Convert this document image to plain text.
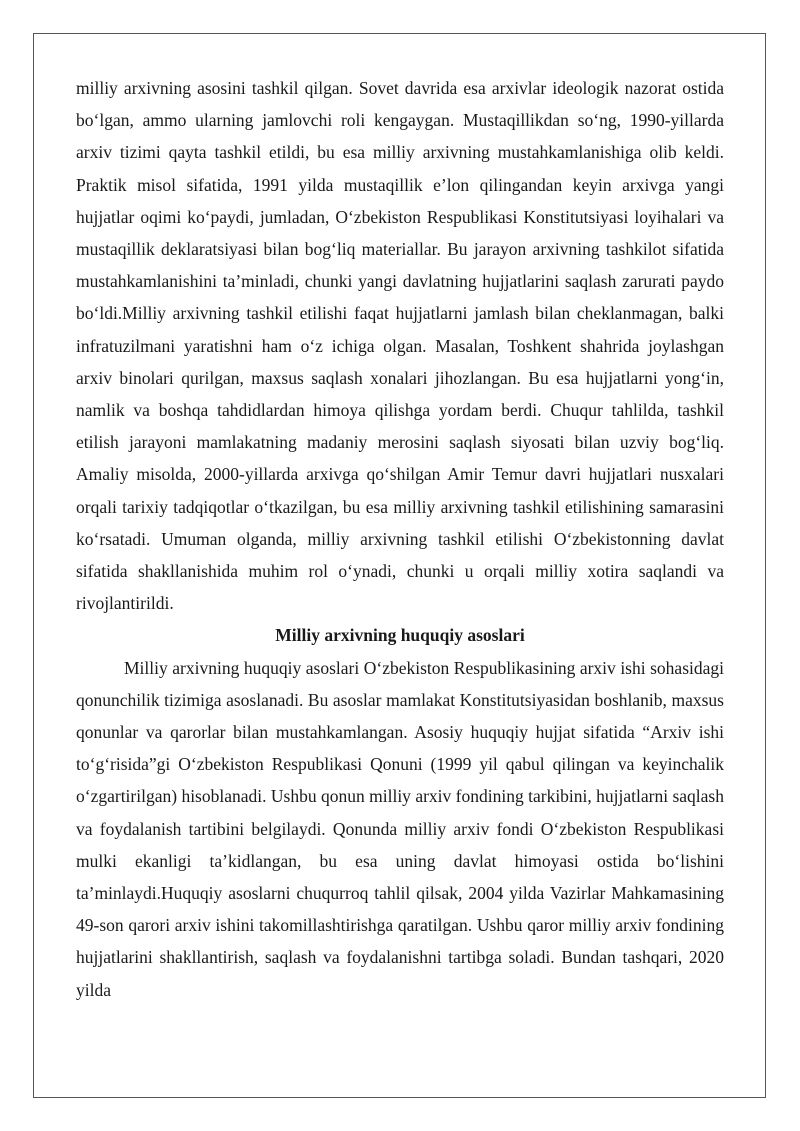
milliy arxivning asosini tashkil qilgan. Sovet davrida esa arxivlar ideologik nazorat ostida bo‘lgan, ammo ularning jamlovchi roli kengaygan. Mustaqillikdan so‘ng, 1990-yillarda arxiv tizimi qayta tashkil etildi, bu esa milliy arxivning mustahkamlanishiga olib keldi. Praktik misol sifatida, 1991 yilda mustaqillik e’lon qilingandan keyin arxivga yangi hujjatlar oqimi ko‘paydi, jumladan, O‘zbekiston Respublikasi Konstitutsiyasi loyihalari va mustaqillik deklaratsiyasi bilan bog‘liq materiallar. Bu jarayon arxivning tashkilot sifatida mustahkamlanishini ta’minladi, chunki yangi davlatning hujjatlarini saqlash zarurati paydo bo‘ldi.Milliy arxivning tashkil etilishi faqat hujjatlarni jamlash bilan cheklanmagan, balki infratuzilmani yaratishni ham o‘z ichiga olgan. Masalan, Toshkent shahrida joylashgan arxiv binolari qurilgan, maxsus saqlash xonalari jihozlangan. Bu esa hujjatlarni yong‘in, namlik va boshqa tahdidlardan himoya qilishga yordam berdi. Chuqur tahlilda, tashkil etilish jarayoni mamlakatning madaniy merosini saqlash siyosati bilan uzviy bog‘liq. Amaliy misolda, 2000-yillarda arxivga qo‘shilgan Amir Temur davri hujjatlari nusxalari orqali tarixiy tadqiqotlar o‘tkazilgan, bu esa milliy arxivning tashkil etilishining samarasini ko‘rsatadi. Umuman olganda, milliy arxivning tashkil etilishi O‘zbekistonning davlat sifatida shakllanishida muhim rol o‘ynadi, chunki u orqali milliy xotira saqlandi va rivojlantirildi.

Milliy arxivning huquqiy asoslari

Milliy arxivning huquqiy asoslari O‘zbekiston Respublikasining arxiv ishi sohasidagi qonunchilik tizimiga asoslanadi. Bu asoslar mamlakat Konstitutsiyasidan boshlanib, maxsus qonunlar va qarorlar bilan mustahkamlangan. Asosiy huquqiy hujjat sifatida “Arxiv ishi to‘g‘risida”gi O‘zbekiston Respublikasi Qonuni (1999 yil qabul qilingan va keyinchalik o‘zgartirilgan) hisoblanadi. Ushbu qonun milliy arxiv fondining tarkibini, hujjatlarni saqlash va foydalanish tartibini belgilaydi. Qonunda milliy arxiv fondi O‘zbekiston Respublikasi mulki ekanligi ta’kidlangan, bu esa uning davlat himoyasi ostida bo‘lishini ta’minlaydi.Huquqiy asoslarni chuqurroq tahlil qilsak, 2004 yilda Vazirlar Mahkamasining 49-son qarori arxiv ishini takomillashtirishga qaratilgan. Ushbu qaror milliy arxiv fondining hujjatlarini shakllantirish, saqlash va foydalanishni tartibga soladi. Bundan tashqari, 2020 yilda
